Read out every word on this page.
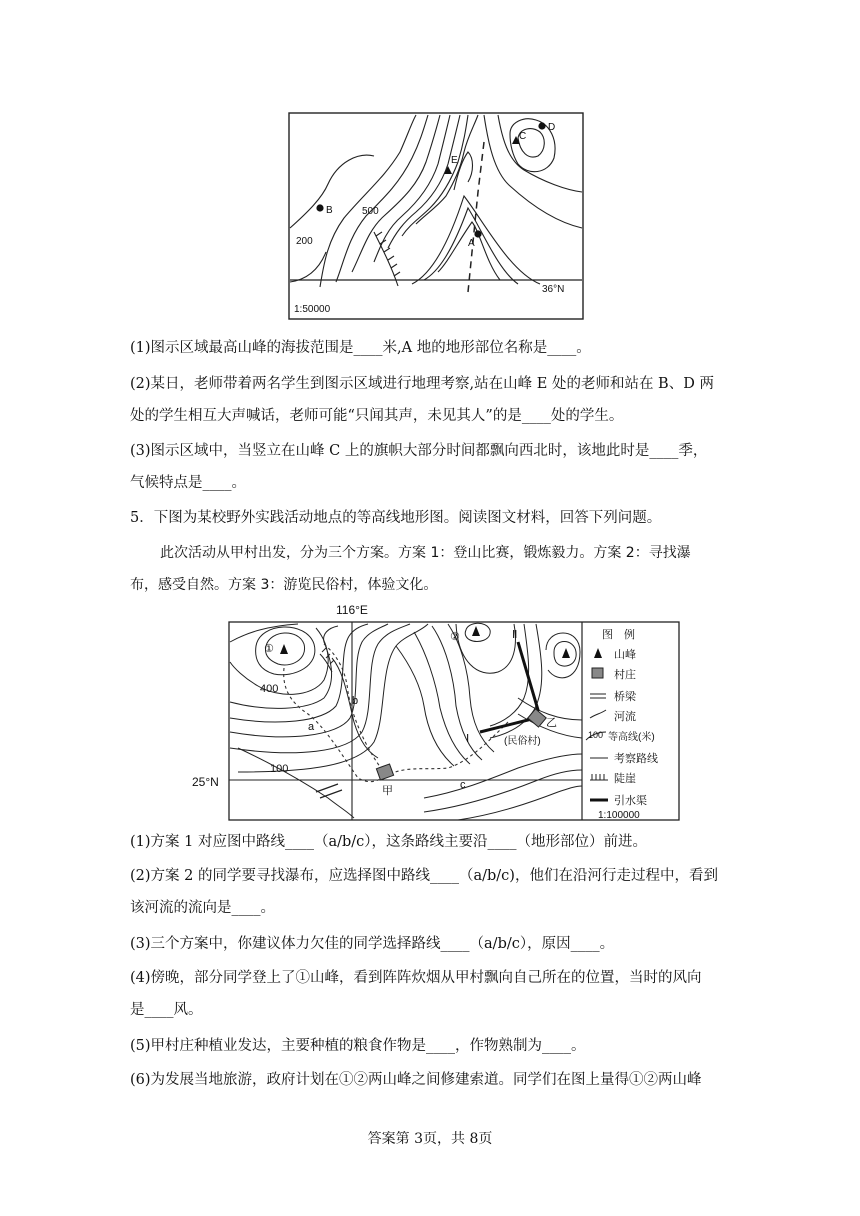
B
A
D
C
E
500
200
36°N
1:50000
(1)图示区域最高山峰的海拔范围是____米,A 地的地形部位名称是____。
(2)某日，老师带着两名学生到图示区域进行地理考察,站在山峰 E 处的老师和站在 B、D 两
处的学生相互大声喊话，老师可能“只闻其声，未见其人”的是____处的学生。
(3)图示区域中，当竖立在山峰 C 上的旗帜大部分时间都飘向西北时，该地此时是____季，
气候特点是____。
5．下图为某校野外实践活动地点的等高线地形图。阅读图文材料，回答下列问题。
此次活动从甲村出发，分为三个方案。方案 1：登山比赛，锻炼毅力。方案 2：寻找瀑
布，感受自然。方案 3：游览民俗村，体验文化。
116°E
①
②
a
b
c
Ⅰ
Ⅱ
甲
乙
(民俗村)
400
100
图　例
山峰
村庄
桥梁
河流
100 等高线(米)
考察路线
陡崖
引水渠
1:100000
25°N
(1)方案 1 对应图中路线____（a/b/c），这条路线主要沿____（地形部位）前进。
(2)方案 2 的同学要寻找瀑布，应选择图中路线____（a/b/c)，他们在沿河行走过程中，看到
该河流的流向是____。
(3)三个方案中，你建议体力欠佳的同学选择路线____（a/b/c），原因____。
(4)傍晚，部分同学登上了①山峰，看到阵阵炊烟从甲村飘向自己所在的位置，当时的风向
是____风。
(5)甲村庄种植业发达，主要种植的粮食作物是____，作物熟制为____。
(6)为发展当地旅游，政府计划在①②两山峰之间修建索道。同学们在图上量得①②两山峰
答案第 3页，共 8页
